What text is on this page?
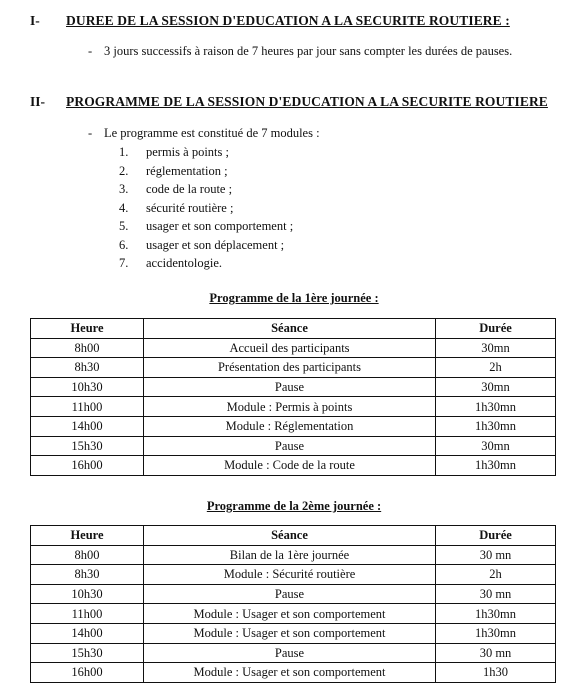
I- DUREE DE LA SESSION D'EDUCATION A LA SECURITE ROUTIERE :
- 3 jours successifs à raison de 7 heures par jour sans compter les durées de pauses.
II- PROGRAMME DE LA SESSION D'EDUCATION A LA SECURITE ROUTIERE
- Le programme est constitué de 7 modules :
1. permis à points ;
2. réglementation ;
3. code de la route ;
4. sécurité routière ;
5. usager et son comportement ;
6. usager et son déplacement ;
7. accidentologie.
Programme de la 1ère journée :
Heure	Séance	Durée
8h00	Accueil des participants	30mn
8h30	Présentation des participants	2h
10h30	Pause	30mn
11h00	Module : Permis à points	1h30mn
14h00	Module : Réglementation	1h30mn
15h30	Pause	30mn
16h00	Module : Code de la route	1h30mn
Programme de la 2ème journée :
Heure	Séance	Durée
8h00	Bilan de la 1ère journée	30 mn
8h30	Module : Sécurité routière	2h
10h30	Pause	30 mn
11h00	Module : Usager et son comportement	1h30mn
14h00	Module : Usager et son comportement	1h30mn
15h30	Pause	30 mn
16h00	Module : Usager et son comportement	1h30
